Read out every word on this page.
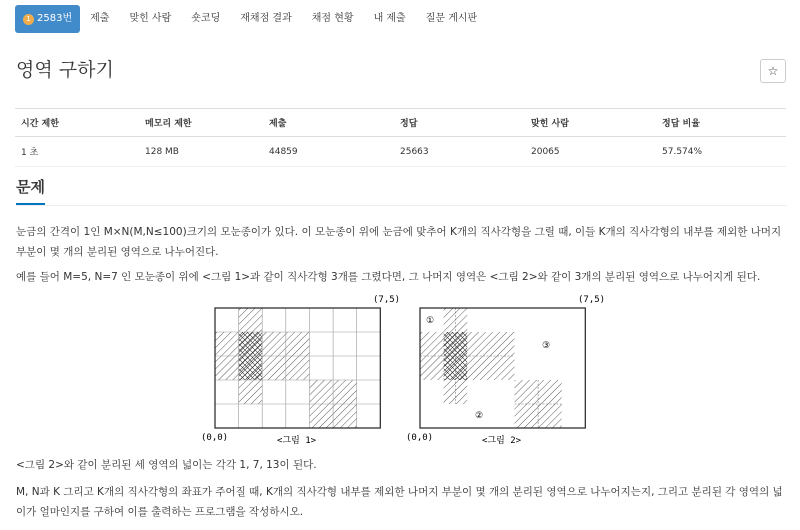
1 2583번	제출	맞힌 사람	숏코딩	재채점 결과	채점 현황	내 제출	질문 게시판
영역 구하기	☆
시간 제한	메모리 제한	제출	정답	맞힌 사람	정답 비율
1 초	128 MB	44859	25663	20065	57.574%
문제

눈금의 간격이 1인 M×N(M,N≤100)크기의 모눈종이가 있다. 이 모눈종이 위에 눈금에 맞추어 K개의 직사각형을 그릴 때, 이들 K개의 직사각형의 내부를 제외한 나머지 부분이 몇 개의 분리된 영역으로 나누어진다.

예를 들어 M=5, N=7 인 모눈종이 위에 <그림 1>과 같이 직사각형 3개를 그렸다면, 그 나머지 영역은 <그림 2>와 같이 3개의 분리된 영역으로 나누어지게 된다.

(0,0)
(7,5)
<그림 1>
①
②
③
(0,0)
(7,5)
<그림 2>

<그림 2>와 같이 분리된 세 영역의 넓이는 각각 1, 7, 13이 된다.

M, N과 K 그리고 K개의 직사각형의 좌표가 주어질 때, K개의 직사각형 내부를 제외한 나머지 부분이 몇 개의 분리된 영역으로 나누어지는지, 그리고 분리된 각 영역의 넓이가 얼마인지를 구하여 이를 출력하는 프로그램을 작성하시오.
